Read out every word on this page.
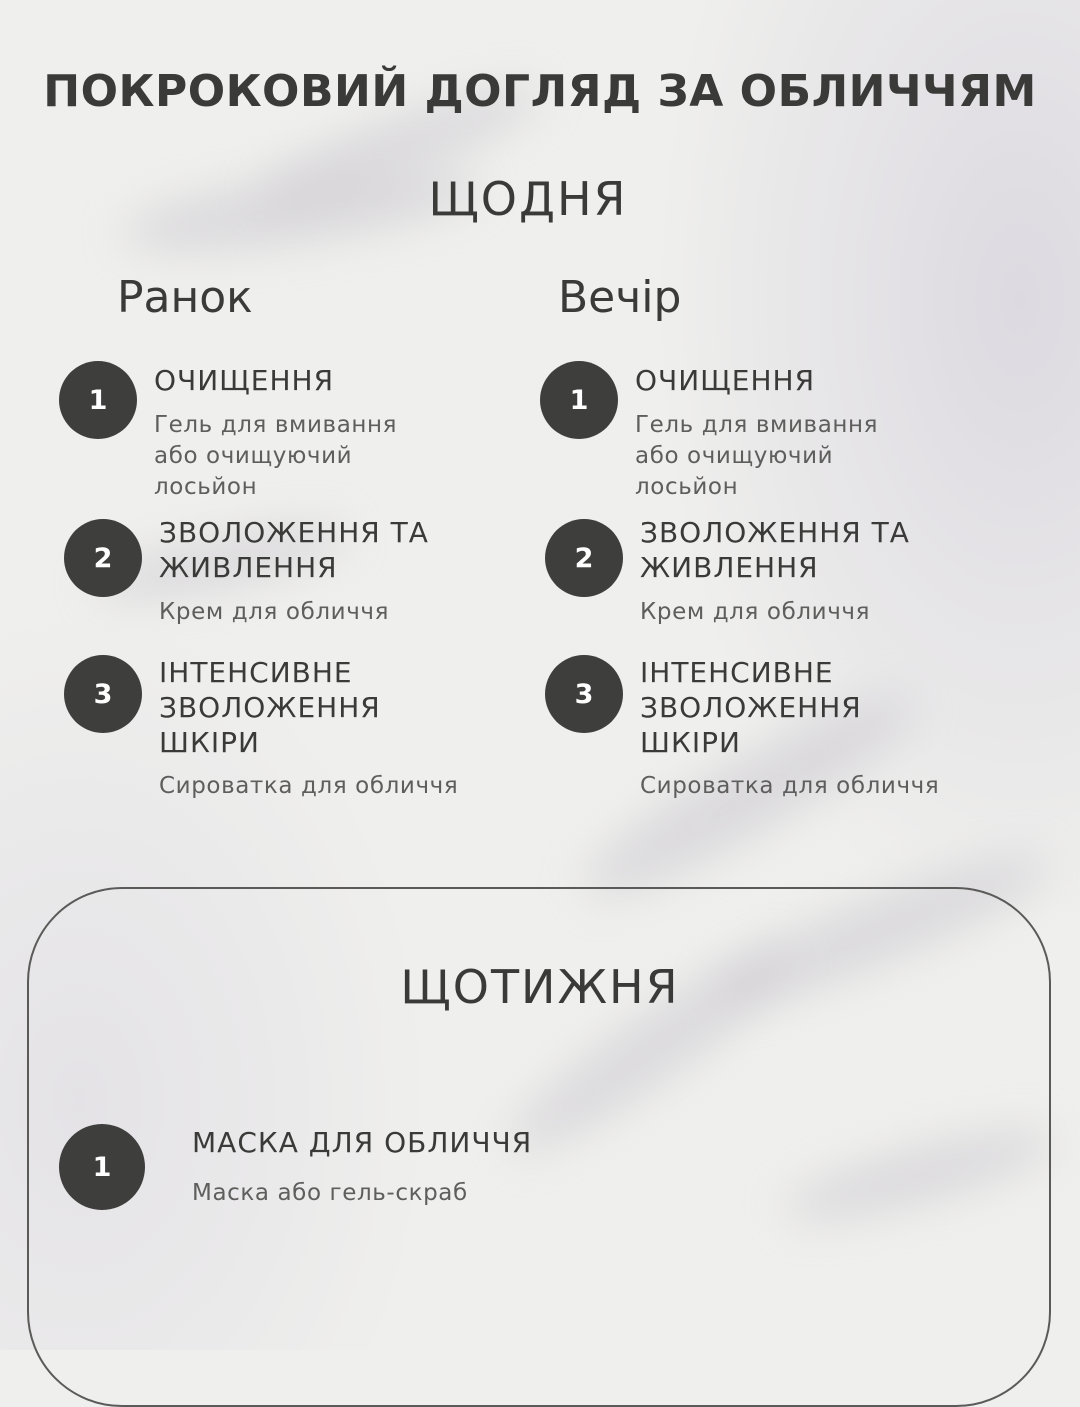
ПОКРОКОВИЙ ДОГЛЯД ЗА ОБЛИЧЧЯМ
ЩОДНЯ
Ранок	Вечір
1
ОЧИЩЕННЯ
Гель для вмивання
або очищуючий
лосьйон
2
ЗВОЛОЖЕННЯ ТА
ЖИВЛЕННЯ
Крем для обличчя
3
ІНТЕНСИВНЕ
ЗВОЛОЖЕННЯ
ШКІРИ
Сироватка для обличчя
1
ОЧИЩЕННЯ
Гель для вмивання
або очищуючий
лосьйон
2
ЗВОЛОЖЕННЯ ТА
ЖИВЛЕННЯ
Крем для обличчя
3
ІНТЕНСИВНЕ
ЗВОЛОЖЕННЯ
ШКІРИ
Сироватка для обличчя
ЩОТИЖНЯ
1
МАСКА ДЛЯ ОБЛИЧЧЯ
Маска або гель-скраб
